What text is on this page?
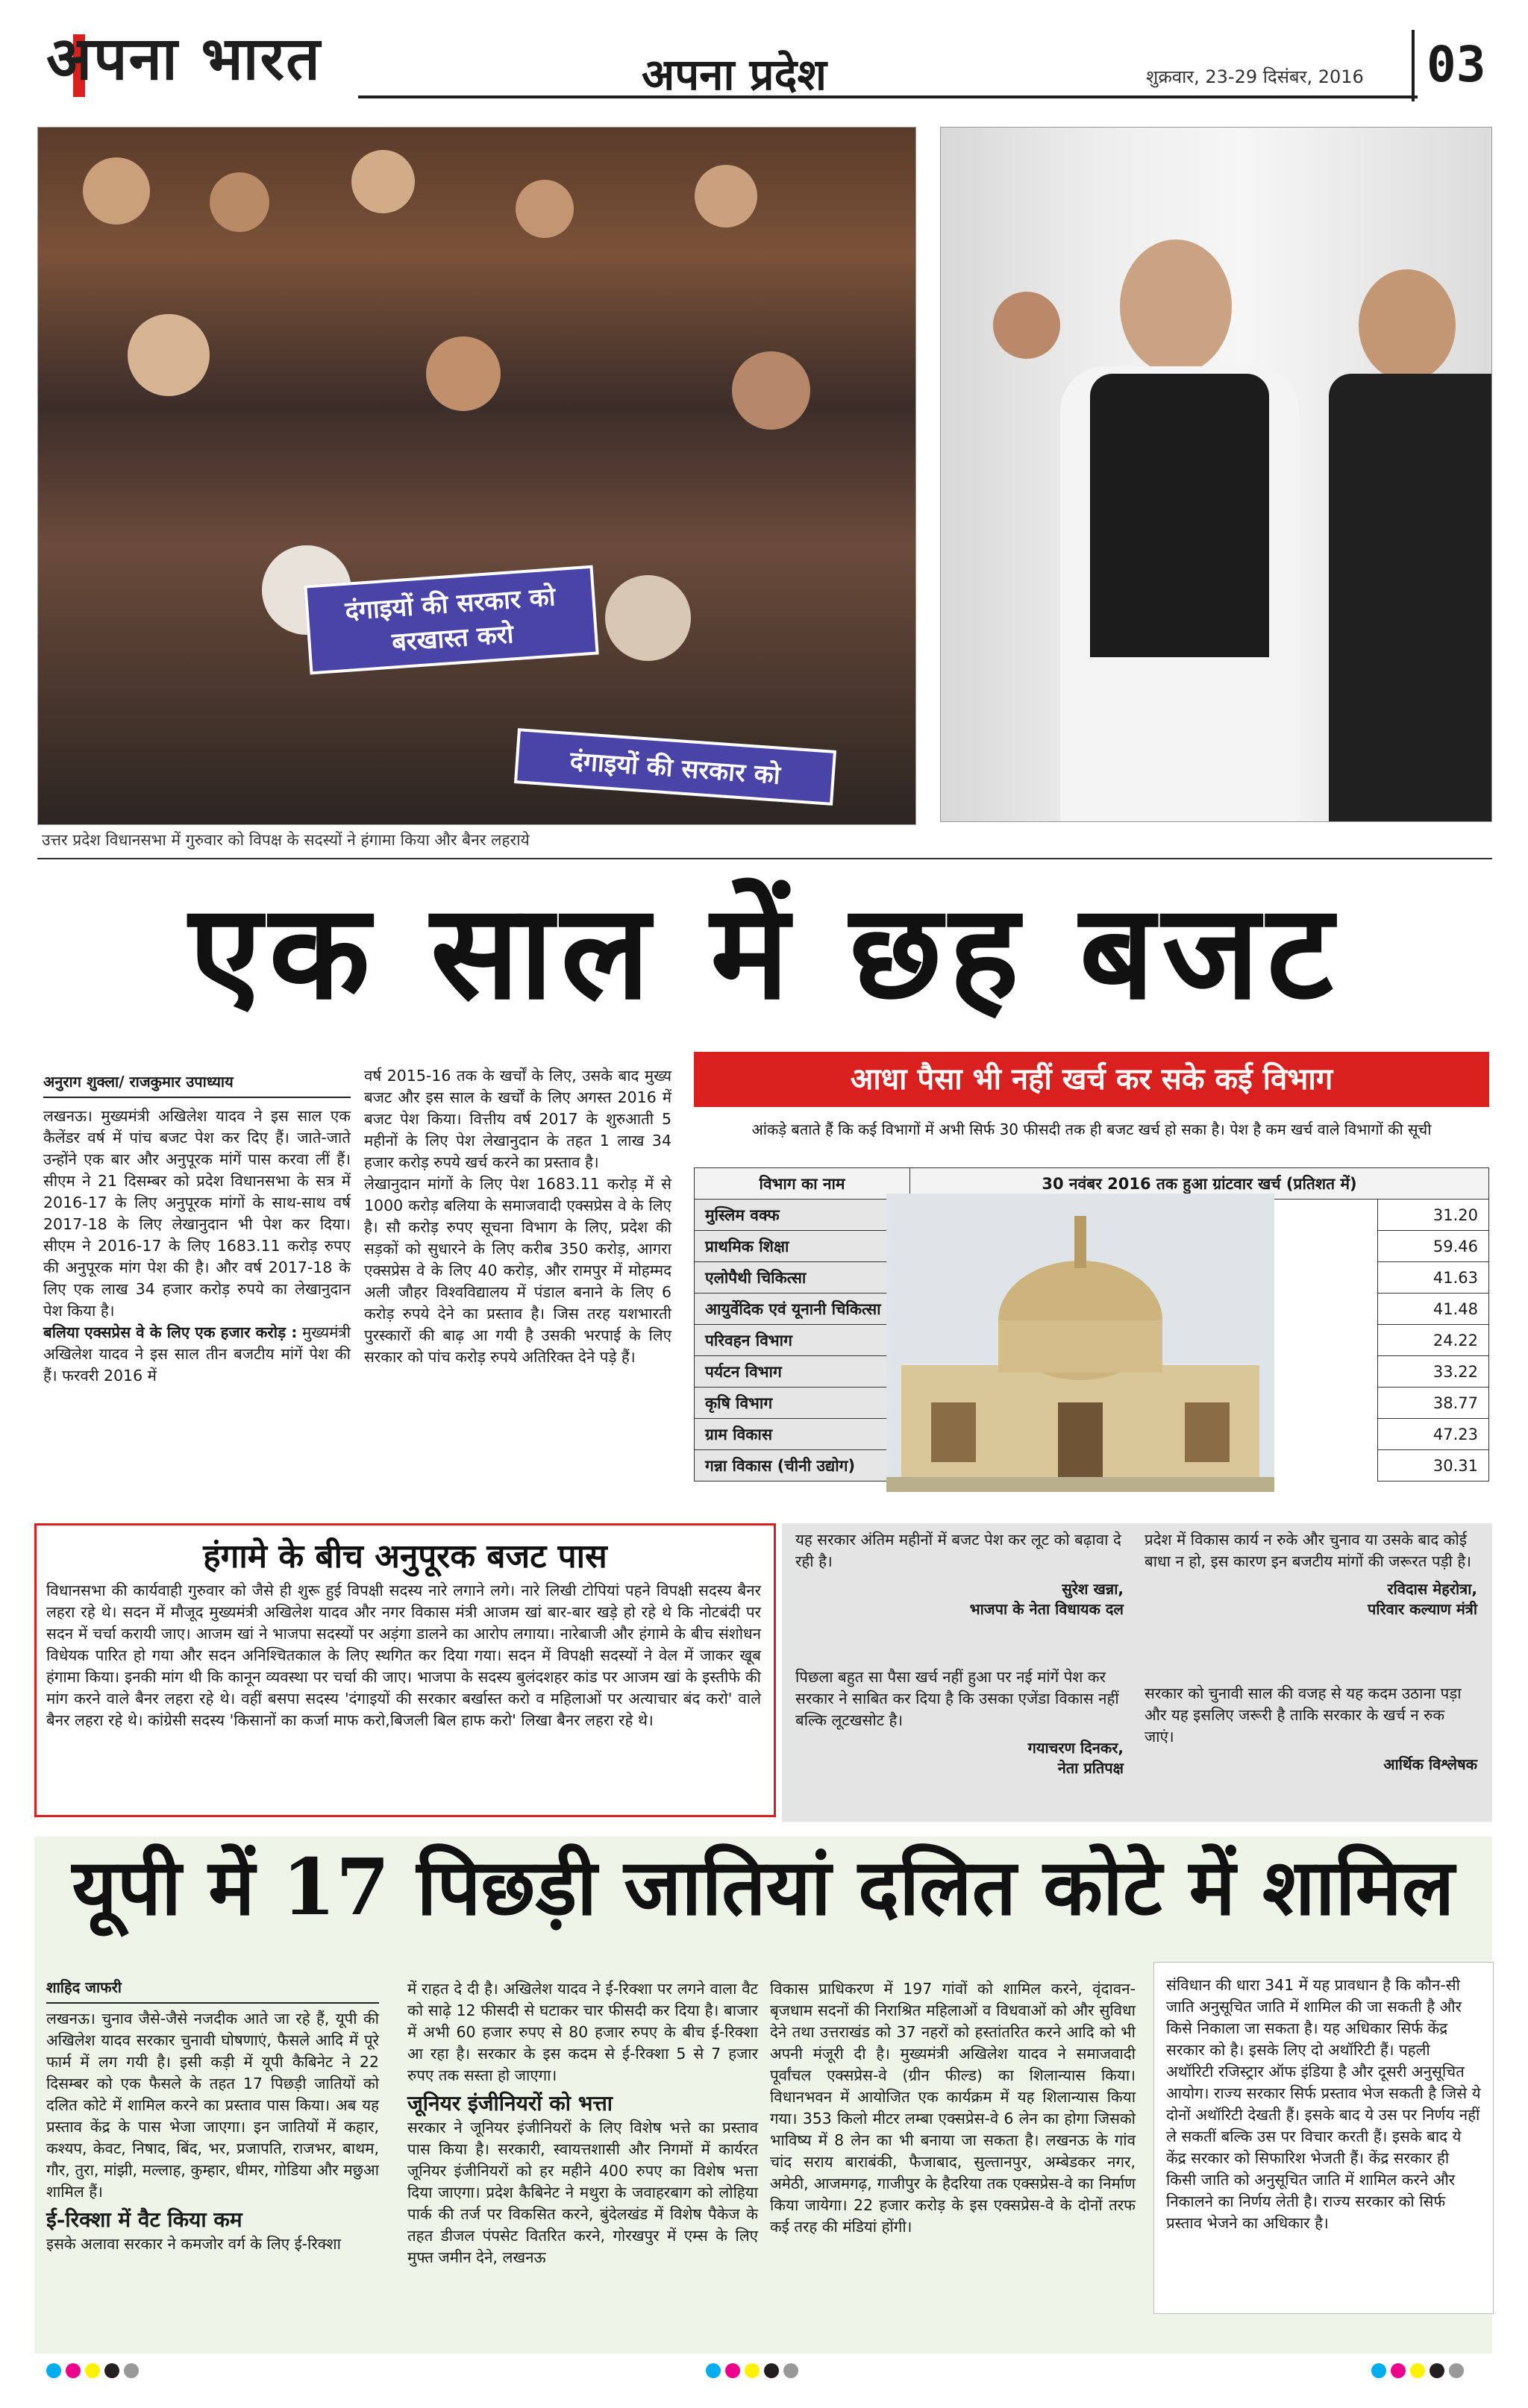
अपना भारत	अपना प्रदेश	शुक्रवार, 23-29 दिसंबर, 2016 03
दंगाइयों की सरकार को
बरखास्त करो
दंगाइयों की सरकार को
उत्तर प्रदेश विधानसभा में गुरुवार को विपक्ष के सदस्यों ने हंगामा किया और बैनर लहराये
एक साल में छह बजट
अनुराग शुक्ला/ राजकुमार उपाध्याय
लखनऊ। मुख्यमंत्री अखिलेश यादव ने इस साल एक कैलेंडर वर्ष में पांच बजट पेश कर दिए हैं। जाते-जाते उन्होंने एक बार और अनुपूरक मांगें पास करवा लीं हैं। सीएम ने 21 दिसम्बर को प्रदेश विधानसभा के सत्र में 2016-17 के लिए अनुपूरक मांगों के साथ-साथ वर्ष 2017-18 के लिए लेखानुदान भी पेश कर दिया। सीएम ने 2016-17 के लिए 1683.11 करोड़ रुपए की अनुपूरक मांग पेश की है। और वर्ष 2017-18 के लिए एक लाख 34 हजार करोड़ रुपये का लेखानुदान पेश किया है।
बलिया एक्सप्रेस वे के लिए एक हजार करोड़ : मुख्यमंत्री अखिलेश यादव ने इस साल तीन बजटीय मांगें पेश की हैं। फरवरी 2016 में
वर्ष 2015-16 तक के खर्चों के लिए, उसके बाद मुख्य बजट और इस साल के खर्चों के लिए अगस्त 2016 में बजट पेश किया। वित्तीय वर्ष 2017 के शुरुआती 5 महीनों के लिए पेश लेखानुदान के तहत 1 लाख 34 हजार करोड़ रुपये खर्च करने का प्रस्ताव है।
लेखानुदान मांगों के लिए पेश 1683.11 करोड़ में से 1000 करोड़ बलिया के समाजवादी एक्सप्रेस वे के लिए है। सौ करोड़ रुपए सूचना विभाग के लिए, प्रदेश की सड़कों को सुधारने के लिए करीब 350 करोड़, आगरा एक्सप्रेस वे के लिए 40 करोड़, और रामपुर में मोहम्मद अली जौहर विश्वविद्यालय में पंडाल बनाने के लिए 6 करोड़ रुपये देने का प्रस्ताव है। जिस तरह यशभारती पुरस्कारों की बाढ़ आ गयी है उसकी भरपाई के लिए सरकार को पांच करोड़ रुपये अतिरिक्त देने पड़े हैं।
आधा पैसा भी नहीं खर्च कर सके कई विभाग
आंकड़े बताते हैं कि कई विभागों में अभी सिर्फ 30 फीसदी तक ही बजट खर्च हो सका है। पेश है कम खर्च वाले विभागों की सूची
विभाग का नाम	30 नवंबर 2016 तक हुआ ग्रांटवार खर्च (प्रतिशत में)	
मुस्लिम वक्फ		31.20
प्राथमिक शिक्षा		59.46
एलोपैथी चिकित्सा		41.63
आयुर्वेदिक एवं यूनानी चिकित्सा		41.48
परिवहन विभाग		24.22
पर्यटन विभाग		33.22
कृषि विभाग		38.77
ग्राम विकास		47.23
गन्ना विकास (चीनी उद्योग)		30.31
हंगामे के बीच अनुपूरक बजट पास
विधानसभा की कार्यवाही गुरुवार को जैसे ही शुरू हुई विपक्षी सदस्य नारे लगाने लगे। नारे लिखी टोपियां पहने विपक्षी सदस्य बैनर लहरा रहे थे। सदन में मौजूद मुख्यमंत्री अखिलेश यादव और नगर विकास मंत्री आजम खां बार-बार खड़े हो रहे थे कि नोटबंदी पर सदन में चर्चा करायी जाए। आजम खां ने भाजपा सदस्यों पर अड़ंगा डालने का आरोप लगाया। नारेबाजी और हंगामे के बीच संशोधन विधेयक पारित हो गया और सदन अनिश्चितकाल के लिए स्थगित कर दिया गया। सदन में विपक्षी सदस्यों ने वेल में जाकर खूब हंगामा किया। इनकी मांग थी कि कानून व्यवस्था पर चर्चा की जाए। भाजपा के सदस्य बुलंदशहर कांड पर आजम खां के इस्तीफे की मांग करने वाले बैनर लहरा रहे थे। वहीं बसपा सदस्य 'दंगाइयों की सरकार बर्खास्त करो व महिलाओं पर अत्याचार बंद करो' वाले बैनर लहरा रहे थे। कांग्रेसी सदस्य 'किसानों का कर्जा माफ करो,बिजली बिल हाफ करो' लिखा बैनर लहरा रहे थे।
यह सरकार अंतिम महीनों में बजट पेश कर लूट को बढ़ावा दे रही है।
सुरेश खन्ना,
भाजपा के नेता विधायक दल
पिछला बहुत सा पैसा खर्च नहीं हुआ पर नई मांगें पेश कर सरकार ने साबित कर दिया है कि उसका एजेंडा विकास नहीं बल्कि लूटखसोट है।
गयाचरण दिनकर,
नेता प्रतिपक्ष
प्रदेश में विकास कार्य न रुके और चुनाव या उसके बाद कोई बाधा न हो, इस कारण इन बजटीय मांगों की जरूरत पड़ी है।
रविदास मेहरोत्रा,
परिवार कल्याण मंत्री
सरकार को चुनावी साल की वजह से यह कदम उठाना पड़ा और यह इसलिए जरूरी है ताकि सरकार के खर्च न रुक जाएं।
आर्थिक विश्लेषक
यूपी में 17 पिछड़ी जातियां दलित कोटे में शामिल
शाहिद जाफरी
लखनऊ। चुनाव जैसे-जैसे नजदीक आते जा रहे हैं, यूपी की अखिलेश यादव सरकार चुनावी घोषणाएं, फैसले आदि में पूरे फार्म में लग गयी है। इसी कड़ी में यूपी कैबिनेट ने 22 दिसम्बर को एक फैसले के तहत 17 पिछड़ी जातियों को दलित कोटे में शामिल करने का प्रस्ताव पास किया। अब यह प्रस्ताव केंद्र के पास भेजा जाएगा। इन जातियों में कहार, कश्यप, केवट, निषाद, बिंद, भर, प्रजापति, राजभर, बाथम, गौर, तुरा, मांझी, मल्लाह, कुम्हार, धीमर, गोडिया और मछुआ शामिल हैं।
ई-रिक्शा में वैट किया कम
इसके अलावा सरकार ने कमजोर वर्ग के लिए ई-रिक्शा
में राहत दे दी है। अखिलेश यादव ने ई-रिक्शा पर लगने वाला वैट को साढ़े 12 फीसदी से घटाकर चार फीसदी कर दिया है। बाजार में अभी 60 हजार रुपए से 80 हजार रुपए के बीच ई-रिक्शा आ रहा है। सरकार के इस कदम से ई-रिक्शा 5 से 7 हजार रुपए तक सस्ता हो जाएगा।
जूनियर इंजीनियरों को भत्ता
सरकार ने जूनियर इंजीनियरों के लिए विशेष भत्ते का प्रस्ताव पास किया है। सरकारी, स्वायत्तशासी और निगमों में कार्यरत जूनियर इंजीनियरों को हर महीने 400 रुपए का विशेष भत्ता दिया जाएगा। प्रदेश कैबिनेट ने मथुरा के जवाहरबाग को लोहिया पार्क की तर्ज पर विकसित करने, बुंदेलखंड में विशेष पैकेज के तहत डीजल पंपसेट वितरित करने, गोरखपुर में एम्स के लिए मुफ्त जमीन देने, लखनऊ
विकास प्राधिकरण में 197 गांवों को शामिल करने, वृंदावन-बृजधाम सदनों की निराश्रित महिलाओं व विधवाओं को और सुविधा देने तथा उत्तराखंड को 37 नहरों को हस्तांतरित करने आदि को भी अपनी मंजूरी दी है। मुख्यमंत्री अखिलेश यादव ने समाजवादी पूर्वांचल एक्सप्रेस-वे (ग्रीन फील्ड) का शिलान्यास किया। विधानभवन में आयोजित एक कार्यक्रम में यह शिलान्यास किया गया। 353 किलो मीटर लम्बा एक्सप्रेस-वे 6 लेन का होगा जिसको भाविष्य में 8 लेन का भी बनाया जा सकता है। लखनऊ के गांव चांद सराय बाराबंकी, फैजाबाद, सुल्तानपुर, अम्बेडकर नगर, अमेठी, आजमगढ़, गाजीपुर के हैदरिया तक एक्सप्रेस-वे का निर्माण किया जायेगा। 22 हजार करोड़ के इस एक्सप्रेस-वे के दोनों तरफ कई तरह की मंडियां होंगी।
संविधान की धारा 341 में यह प्रावधान है कि कौन-सी जाति अनुसूचित जाति में शामिल की जा सकती है और किसे निकाला जा सकता है। यह अधिकार सिर्फ केंद्र सरकार को है। इसके लिए दो अथॉरिटी हैं। पहली अथॉरिटी रजिस्ट्रार ऑफ इंडिया है और दूसरी अनुसूचित आयोग। राज्य सरकार सिर्फ प्रस्ताव भेज सकती है जिसे ये दोनों अथॉरिटी देखती हैं। इसके बाद ये उस पर निर्णय नहीं ले सकतीं बल्कि उस पर विचार करती हैं। इसके बाद ये केंद्र सरकार को सिफारिश भेजती हैं। केंद्र सरकार ही किसी जाति को अनुसूचित जाति में शामिल करने और निकालने का निर्णय लेती है। राज्य सरकार को सिर्फ प्रस्ताव भेजने का अधिकार है।
